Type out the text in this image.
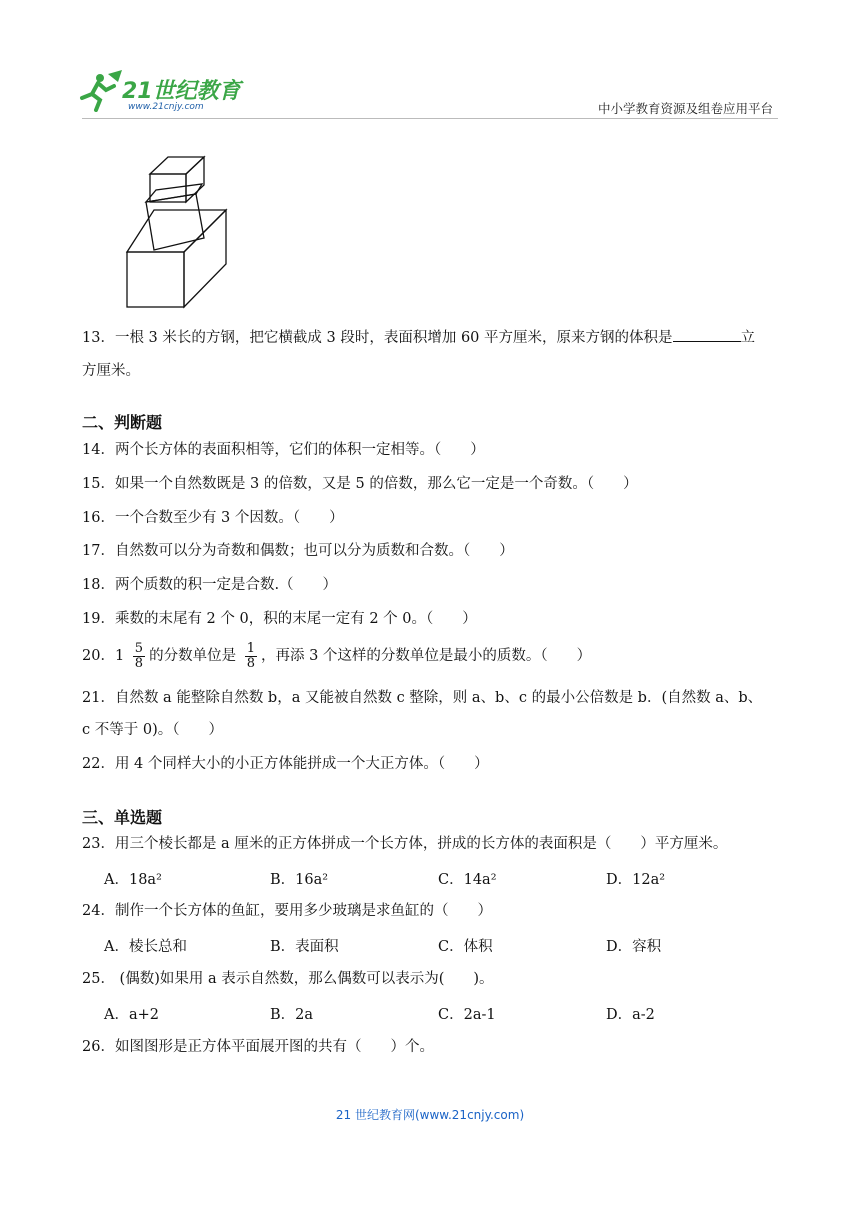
21世纪教育
www.21cnjy.com	中小学教育资源及组卷应用平台
13．一根 3 米长的方钢，把它横截成 3 段时，表面积增加 60 平方厘米，原来方钢的体积是	立
方厘米。
二、判断题
14．两个长方体的表面积相等，它们的体积一定相等。（　　）
15．如果一个自然数既是 3 的倍数，又是 5 的倍数，那么它一定是一个奇数。（　　）
16．一个合数至少有 3 个因数。（　　）
17．自然数可以分为奇数和偶数；也可以分为质数和合数。（　　）
18．两个质数的积一定是合数.（　　）
19．乘数的末尾有 2 个 0，积的末尾一定有 2 个 0。（　　）
20．$1 \frac{5}{8}$ 的分数单位是 $\frac{1}{8}$ ，再添 3 个这样的分数单位是最小的质数。（　　）
21．自然数 a 能整除自然数 b，a 又能被自然数 c 整除，则 a、b、c 的最小公倍数是 b．(自然数 a、b、
c 不等于 0)。（　　）
22．用 4 个同样大小的小正方体能拼成一个大正方体。（　　）
三、单选题
23．用三个棱长都是 a 厘米的正方体拼成一个长方体，拼成的长方体的表面积是（　　）平方厘米。
A．18a²	B．16a²	C．14a²	D．12a²
24．制作一个长方体的鱼缸，要用多少玻璃是求鱼缸的（　　）
A．棱长总和	B．表面积	C．体积	D．容积
25． (偶数)如果用 a 表示自然数，那么偶数可以表示为(　　)。
A．a+2	B．2a	C．2a-1	D．a-2
26．如图图形是正方体平面展开图的共有（　　）个。
21 世纪教育网(www.21cnjy.com)
